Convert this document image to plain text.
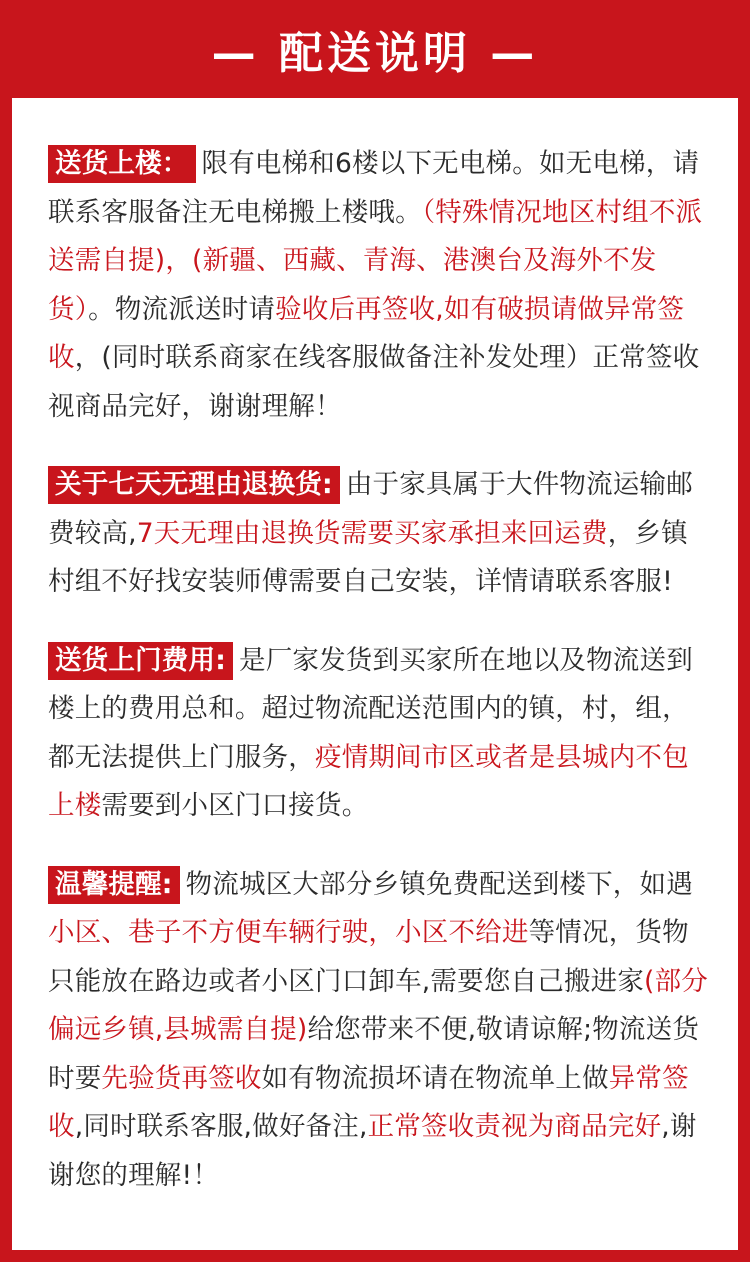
— 配送说明 —
送货上楼： 限有电梯和6楼以下无电梯。如无电梯，请联系客服备注无电梯搬上楼哦。（特殊情况地区村组不派送需自提)，(新疆、西藏、青海、港澳台及海外不发货）。物流派送时请验收后再签收,如有破损请做异常签收，(同时联系商家在线客服做备注补发处理）正常签收视商品完好，谢谢理解！
关于七天无理由退换货: 由于家具属于大件物流运输邮费较高,7天无理由退换货需要买家承担来回运费，乡镇村组不好找安装师傅需要自己安装，详情请联系客服!
送货上门费用: 是厂家发货到买家所在地以及物流送到楼上的费用总和。超过物流配送范围内的镇，村，组，都无法提供上门服务，疫情期间市区或者是县城内不包上楼需要到小区门口接货。
温馨提醒: 物流城区大部分乡镇免费配送到楼下，如遇小区、巷子不方便车辆行驶，小区不给进等情况，货物只能放在路边或者小区门口卸车,需要您自己搬进家(部分偏远乡镇,县城需自提)给您带来不便,敬请谅解;物流送货时要先验货再签收如有物流损坏请在物流单上做异常签收,同时联系客服,做好备注,正常签收责视为商品完好,谢谢您的理解!！
